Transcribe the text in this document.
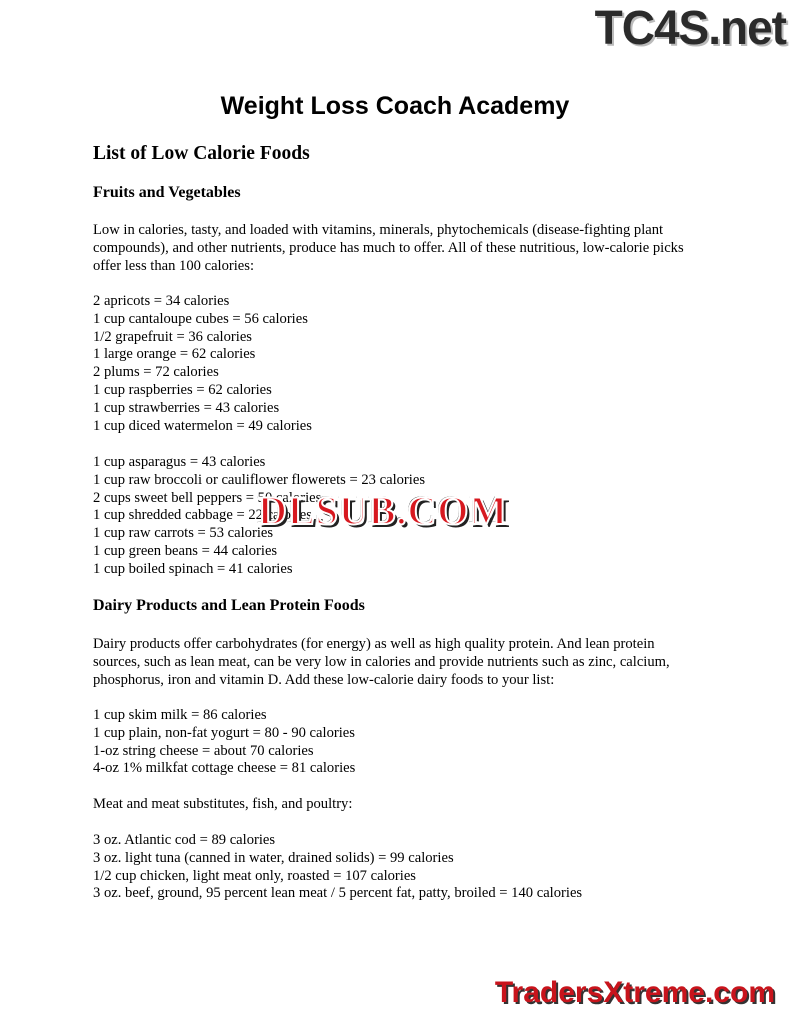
Weight Loss Coach Academy
List of Low Calorie Foods
Fruits and Vegetables

Low in calories, tasty, and loaded with vitamins, minerals, phytochemicals (disease-fighting plant compounds), and other nutrients, produce has much to offer. All of these nutritious, low-calorie picks offer less than 100 calories:

2 apricots = 34 calories
1 cup cantaloupe cubes = 56 calories
1/2 grapefruit = 36 calories
1 large orange = 62 calories
2 plums = 72 calories
1 cup raspberries = 62 calories
1 cup strawberries = 43 calories
1 cup diced watermelon = 49 calories
1 cup asparagus = 43 calories
1 cup raw broccoli or cauliflower flowerets = 23 calories
2 cups sweet bell peppers = 50 calories
1 cup shredded cabbage = 22 calories
1 cup raw carrots = 53 calories
1 cup green beans = 44 calories
1 cup boiled spinach = 41 calories
Dairy Products and Lean Protein Foods

Dairy products offer carbohydrates (for energy) as well as high quality protein. And lean protein sources, such as lean meat, can be very low in calories and provide nutrients such as zinc, calcium, phosphorus, iron and vitamin D. Add these low-calorie dairy foods to your list:

1 cup skim milk = 86 calories
1 cup plain, non-fat yogurt = 80 - 90 calories
1-oz string cheese = about 70 calories
4-oz 1% milkfat cottage cheese = 81 calories

Meat and meat substitutes, fish, and poultry:

3 oz. Atlantic cod = 89 calories
3 oz. light tuna (canned in water, drained solids) = 99 calories
1/2 cup chicken, light meat only, roasted = 107 calories
3 oz. beef, ground, 95 percent lean meat / 5 percent fat, patty, broiled = 140 calories
TC4S.net
DLSUB.COM
TradersXtreme.com
